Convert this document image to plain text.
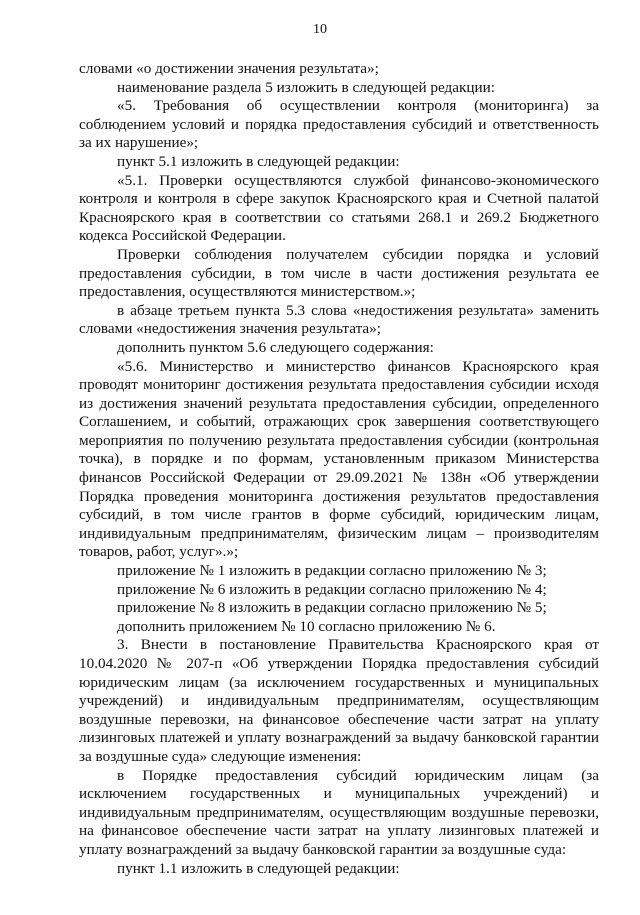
10

словами «о достижении значения результата»;

наименование раздела 5 изложить в следующей редакции:

«5. Требования об осуществлении контроля (мониторинга) за соблюдением условий и порядка предоставления субсидий и ответственность за их нарушение»;

пункт 5.1 изложить в следующей редакции:

«5.1. Проверки осуществляются службой финансово-экономического контроля и контроля в сфере закупок Красноярского края и Счетной палатой Красноярского края в соответствии со статьями 268.1 и 269.2 Бюджетного кодекса Российской Федерации.

Проверки соблюдения получателем субсидии порядка и условий предоставления субсидии, в том числе в части достижения результата ее предоставления, осуществляются министерством.»;

в абзаце третьем пункта 5.3 слова «недостижения результата» заменить словами «недостижения значения результата»;

дополнить пунктом 5.6 следующего содержания:

«5.6. Министерство и министерство финансов Красноярского края проводят мониторинг достижения результата предоставления субсидии исходя из достижения значений результата предоставления субсидии, определенного Соглашением, и событий, отражающих срок завершения соответствующего мероприятия по получению результата предоставления субсидии (контрольная точка), в порядке и по формам, установленным приказом Министерства финансов Российской Федерации от 29.09.2021 № 138н «Об утверждении Порядка проведения мониторинга достижения результатов предоставления субсидий, в том числе грантов в форме субсидий, юридическим лицам, индивидуальным предпринимателям, физическим лицам – производителям товаров, работ, услуг».»;

приложение № 1 изложить в редакции согласно приложению № 3;

приложение № 6 изложить в редакции согласно приложению № 4;

приложение № 8 изложить в редакции согласно приложению № 5;

дополнить приложением № 10 согласно приложению № 6.

3. Внести в постановление Правительства Красноярского края от 10.04.2020 № 207-п «Об утверждении Порядка предоставления субсидий юридическим лицам (за исключением государственных и муниципальных учреждений) и индивидуальным предпринимателям, осуществляющим воздушные перевозки, на финансовое обеспечение части затрат на уплату лизинговых платежей и уплату вознаграждений за выдачу банковской гарантии за воздушные суда» следующие изменения:

в Порядке предоставления субсидий юридическим лицам (за исключением государственных и муниципальных учреждений) и индивидуальным предпринимателям, осуществляющим воздушные перевозки, на финансовое обеспечение части затрат на уплату лизинговых платежей и уплату вознаграждений за выдачу банковской гарантии за воздушные суда:

пункт 1.1 изложить в следующей редакции:
